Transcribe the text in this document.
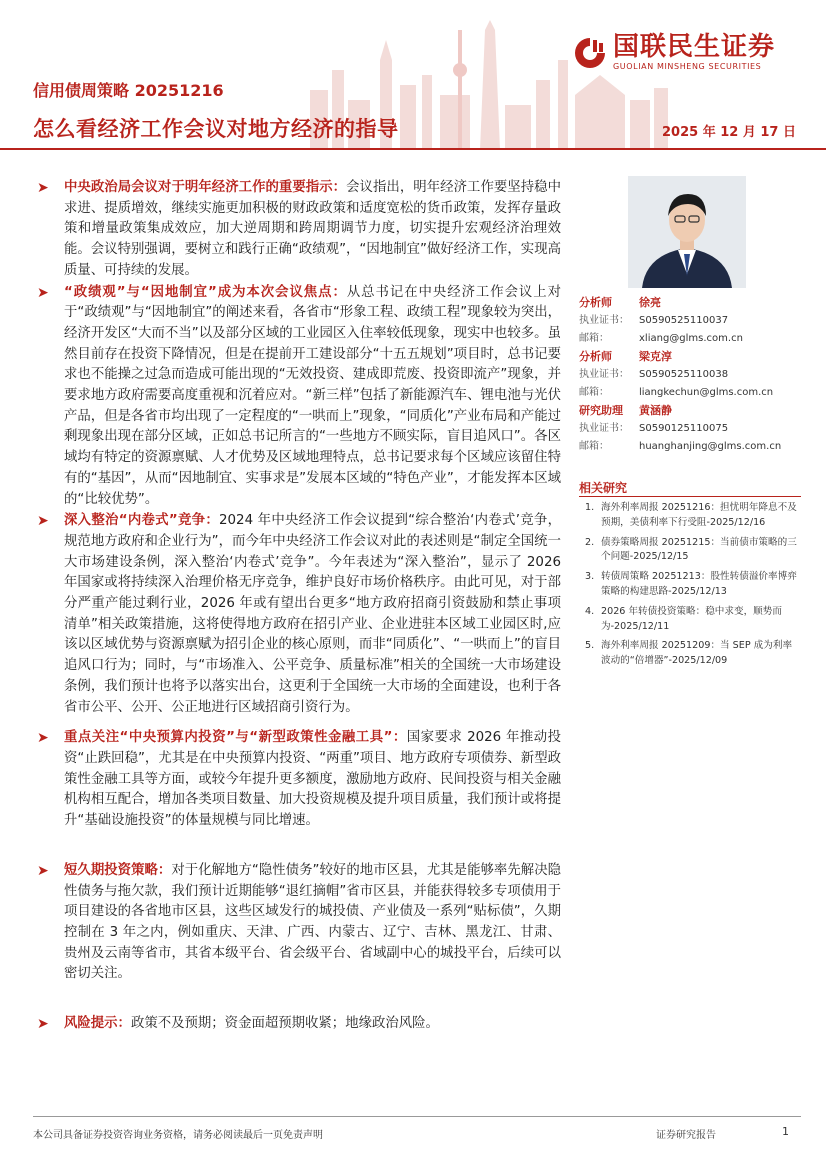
国联民生证券
GUOLIAN MINSHENG SECURITIES
信用债周策略 20251216
怎么看经济工作会议对地方经济的指导	2025 年 12 月 17 日
➤ 中央政治局会议对于明年经济工作的重要指示：会议指出，明年经济工作要坚持稳中求进、提质增效，继续实施更加积极的财政政策和适度宽松的货币政策，发挥存量政策和增量政策集成效应，加大逆周期和跨周期调节力度，切实提升宏观经济治理效能。会议特别强调，要树立和践行正确“政绩观”，“因地制宜”做好经济工作，实现高质量、可持续的发展。
➤ “政绩观”与“因地制宜”成为本次会议焦点：从总书记在中央经济工作会议上对于“政绩观”与“因地制宜”的阐述来看，各省市“形象工程、政绩工程”现象较为突出，经济开发区“大而不当”以及部分区域的工业园区入住率较低现象，现实中也较多。虽然目前存在投资下降情况，但是在提前开工建设部分“十五五规划”项目时，总书记要求也不能操之过急而造成可能出现的“无效投资、建成即荒废、投资即流产”现象，并要求地方政府需要高度重视和沉着应对。“新三样”包括了新能源汽车、锂电池与光伏产品，但是各省市均出现了一定程度的“一哄而上”现象，“同质化”产业布局和产能过剩现象出现在部分区域，正如总书记所言的“一些地方不顾实际，盲目追风口”。各区域均有特定的资源禀赋、人才优势及区域地理特点，总书记要求每个区域应该留住特有的“基因”，从而“因地制宜、实事求是”发展本区域的“特色产业”，才能发挥本区域的“比较优势”。
➤ 深入整治“内卷式”竞争：2024 年中央经济工作会议提到“综合整治‘内卷式’竞争，规范地方政府和企业行为”，而今年中央经济工作会议对此的表述则是“制定全国统一大市场建设条例，深入整治‘内卷式’竞争”。今年表述为“深入整治”，显示了 2026 年国家或将持续深入治理价格无序竞争，维护良好市场价格秩序。由此可见，对于部分严重产能过剩行业，2026 年或有望出台更多“地方政府招商引资鼓励和禁止事项清单”相关政策措施，这将使得地方政府在招引产业、企业进驻本区域工业园区时,应该以区域优势与资源禀赋为招引企业的核心原则，而非“同质化”、“一哄而上”的盲目追风口行为；同时，与“市场准入、公平竞争、质量标准”相关的全国统一大市场建设条例，我们预计也将予以落实出台，这更利于全国统一大市场的全面建设，也利于各省市公平、公开、公正地进行区域招商引资行为。
➤ 重点关注“中央预算内投资”与“新型政策性金融工具”：国家要求 2026 年推动投资“止跌回稳”，尤其是在中央预算内投资、“两重”项目、地方政府专项债券、新型政策性金融工具等方面，或较今年提升更多额度，激励地方政府、民间投资与相关金融机构相互配合，增加各类项目数量、加大投资规模及提升项目质量，我们预计或将提升“基础设施投资”的体量规模与同比增速。
➤ 短久期投资策略：对于化解地方“隐性债务”较好的地市区县，尤其是能够率先解决隐性债务与拖欠款，我们预计近期能够“退红摘帽”省市区县，并能获得较多专项债用于项目建设的各省地市区县，这些区域发行的城投债、产业债及一系列“贴标债”，久期控制在 3 年之内，例如重庆、天津、广西、内蒙古、辽宁、吉林、黑龙江、甘肃、贵州及云南等省市，其省本级平台、省会级平台、省域副中心的城投平台，后续可以密切关注。
➤ 风险提示：政策不及预期；资金面超预期收紧；地缘政治风险。
分析师 徐亮
执业证书： S0590525110037
邮箱：	xliang@glms.com.cn
分析师 梁克淳
执业证书： S0590525110038
邮箱：	liangkechun@glms.com.cn
研究助理 黄涵静
执业证书： S0590125110075
邮箱：	huanghanjing@glms.com.cn
相关研究
1. 海外利率周报 20251216：担忧明年降息不及预期，美债利率下行受阻-2025/12/16
2. 债券策略周报 20251215：当前债市策略的三个问题-2025/12/15
3. 转债周策略 20251213：股性转债溢价率博弈策略的构建思路-2025/12/13
4. 2026 年转债投资策略：稳中求变，顺势而为-2025/12/11
5. 海外利率周报 20251209：当 SEP 成为利率波动的“倍增器”-2025/12/09
本公司具备证券投资咨询业务资格，请务必阅读最后一页免责声明	证券研究报告	1
